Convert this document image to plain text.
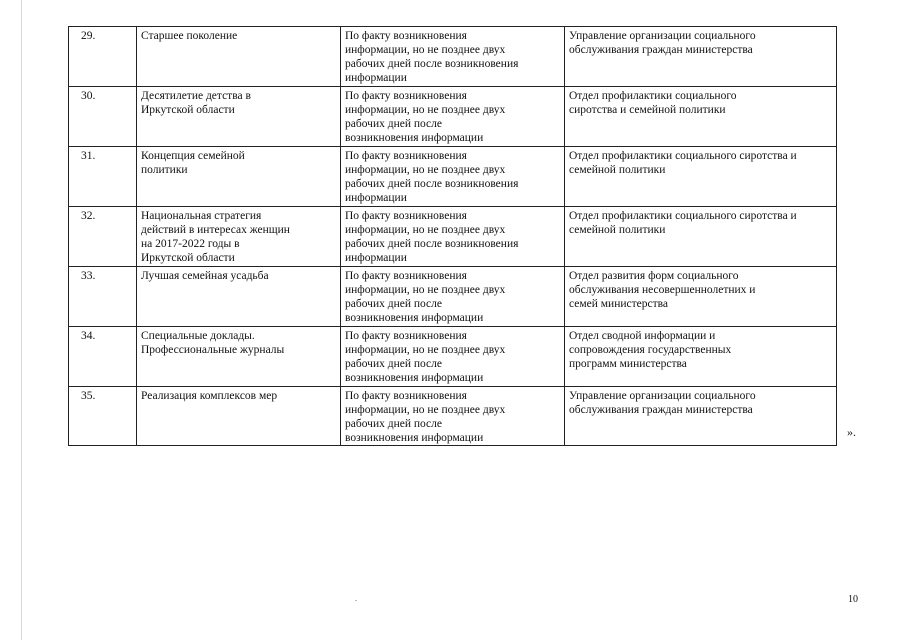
29.	Старшее поколение	По факту возникновения
информации, но не позднее двух
рабочих дней после возникновения
информации	Управление организации социального
обслуживания граждан министерства

30.	Десятилетие детства в
Иркутской области	По факту возникновения
информации, но не позднее двух
рабочих дней после
возникновения информации	Отдел профилактики социального
сиротства и семейной политики

31.	Концепция семейной
политики	По факту возникновения
информации, но не позднее двух
рабочих дней после возникновения
информации	Отдел профилактики социального сиротства и
семейной политики

32.	Национальная стратегия
действий в интересах женщин
на 2017-2022 годы в
Иркутской области	По факту возникновения
информации, но не позднее двух
рабочих дней после возникновения
информации	Отдел профилактики социального сиротства и
семейной политики

33.	Лучшая семейная усадьба	По факту возникновения
информации, но не позднее двух
рабочих дней после
возникновения информации	Отдел развития форм социального
обслуживания несовершеннолетних и
семей министерства

34.	Специальные доклады.
Профессиональные журналы	По факту возникновения
информации, но не позднее двух
рабочих дней после
возникновения информации	Отдел сводной информации и
сопровождения государственных
программ министерства

35.	Реализация комплексов мер	По факту возникновения
информации, но не позднее двух
рабочих дней после
возникновения информации	Управление организации социального
обслуживания граждан министерства
».
10
